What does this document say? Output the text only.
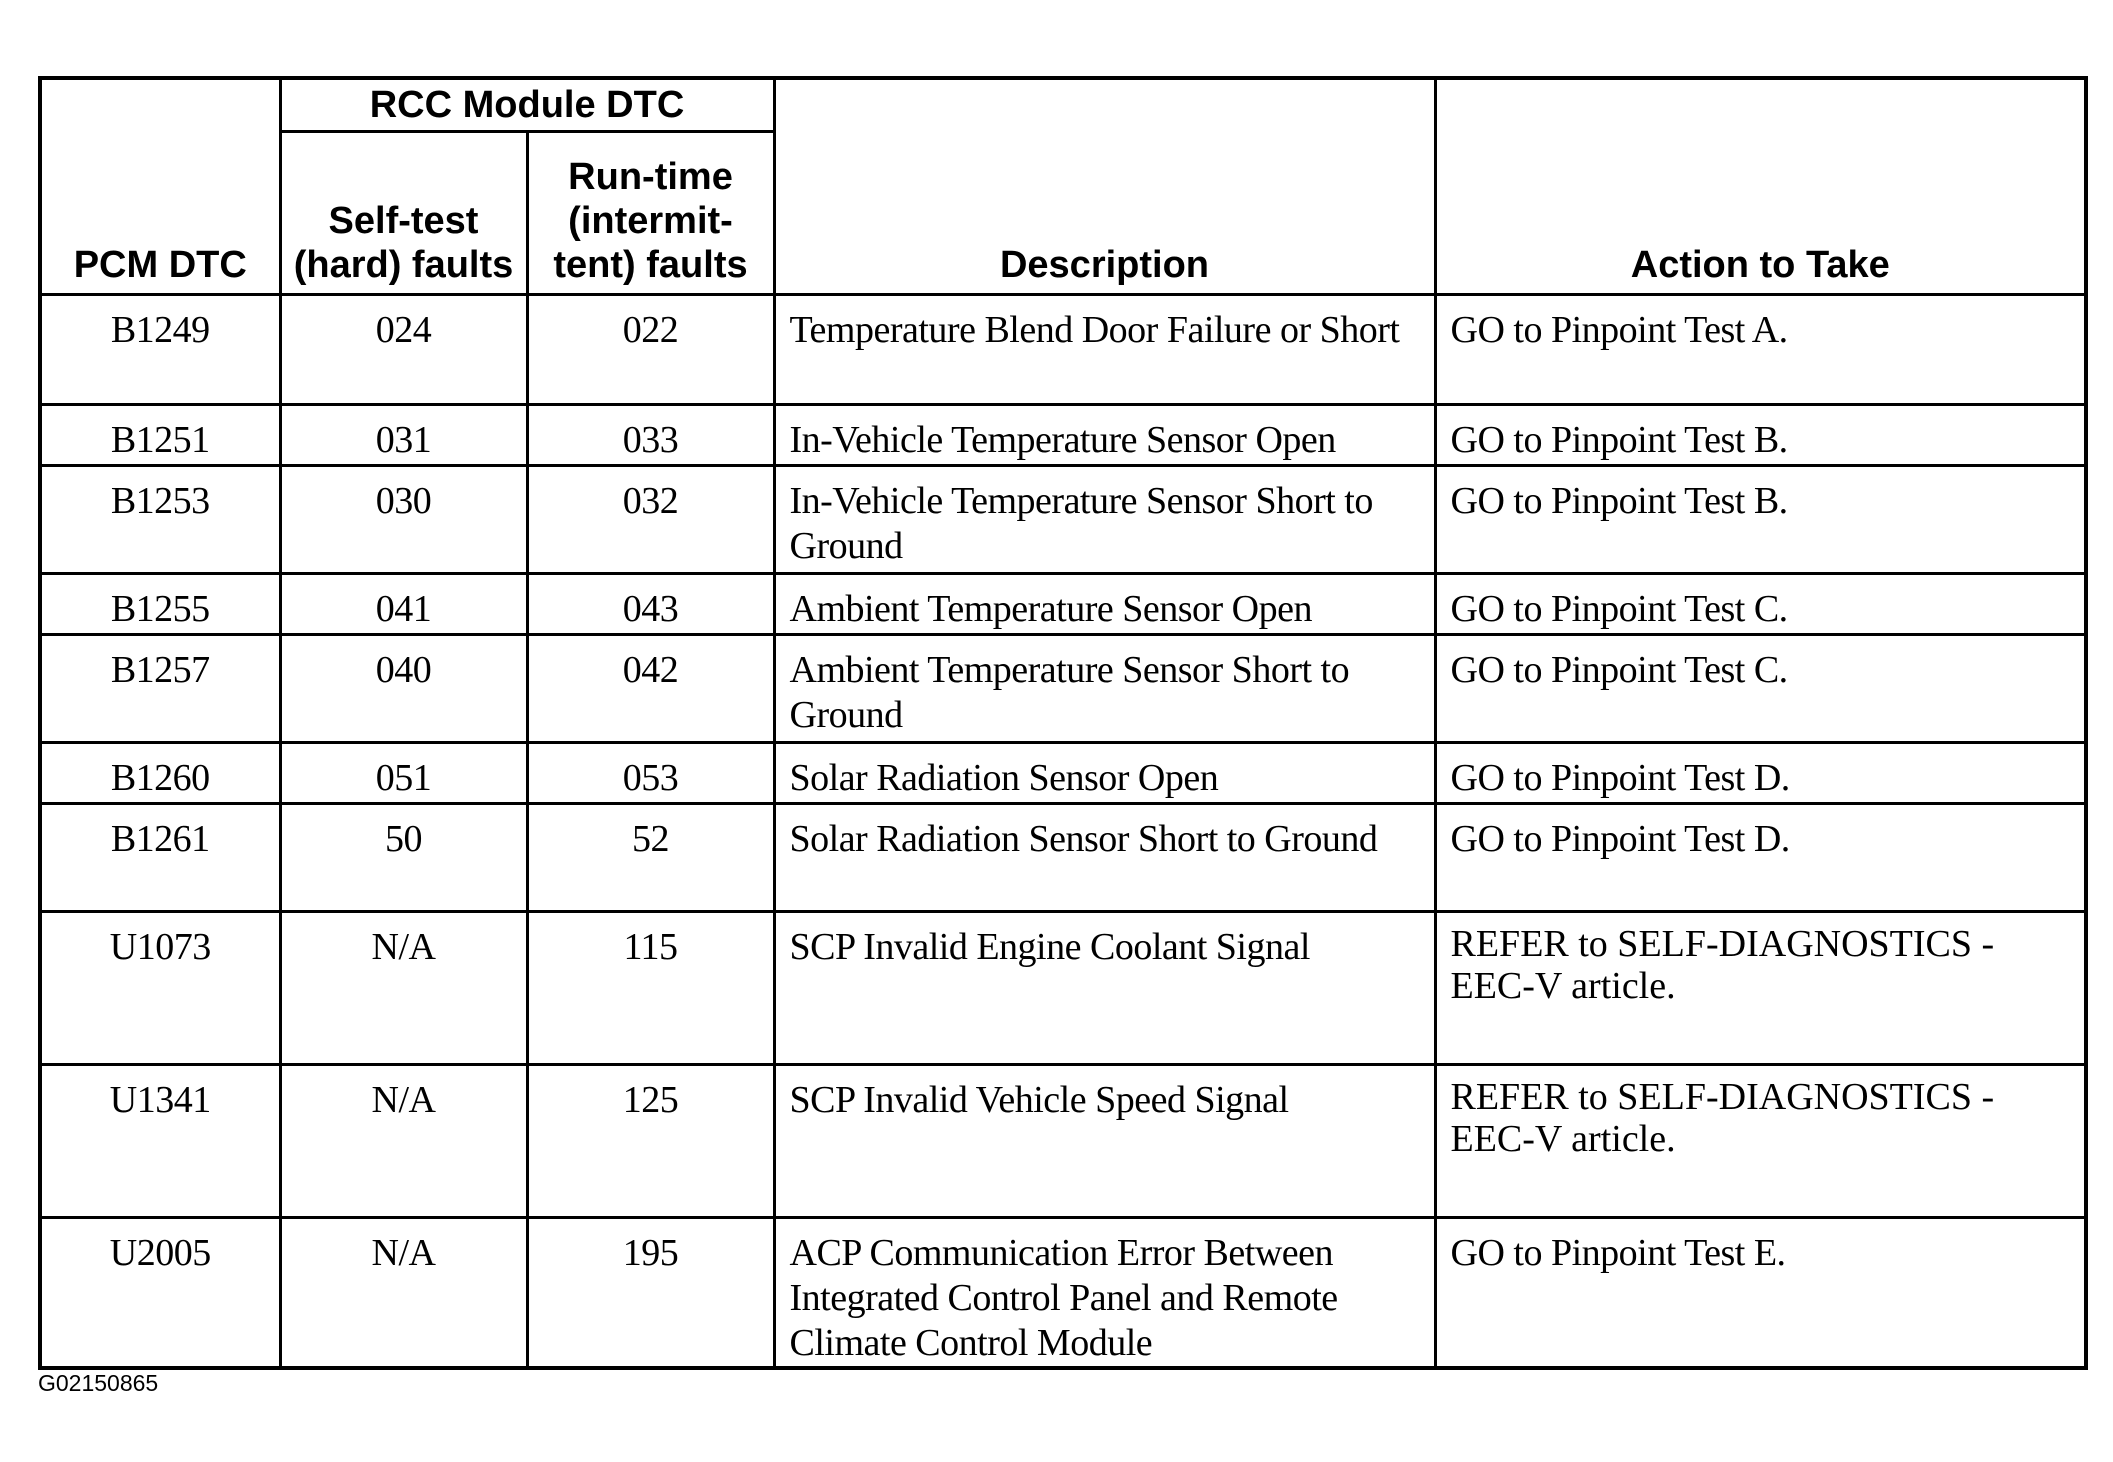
PCM DTC	RCC Module DTC		Description	Action to Take
	Self-test (hard) faults	Run-time (intermit- tent) faults		
B1249	024	022	Temperature Blend Door Failure or Short	GO to Pinpoint Test A.
B1251	031	033	In-Vehicle Temperature Sensor Open	GO to Pinpoint Test B.
B1253	030	032	In-Vehicle Temperature Sensor Short to Ground	GO to Pinpoint Test B.
B1255	041	043	Ambient Temperature Sensor Open	GO to Pinpoint Test C.
B1257	040	042	Ambient Temperature Sensor Short to Ground	GO to Pinpoint Test C.
B1260	051	053	Solar Radiation Sensor Open	GO to Pinpoint Test D.
B1261	50	52	Solar Radiation Sensor Short to Ground	GO to Pinpoint Test D.
U1073	N/A	115	SCP Invalid Engine Coolant Signal	REFER to SELF-DIAGNOSTICS - EEC-V article.
U1341	N/A	125	SCP Invalid Vehicle Speed Signal	REFER to SELF-DIAGNOSTICS - EEC-V article.
U2005	N/A	195	ACP Communication Error Between Integrated Control Panel and Remote Climate Control Module	GO to Pinpoint Test E.
G02150865
